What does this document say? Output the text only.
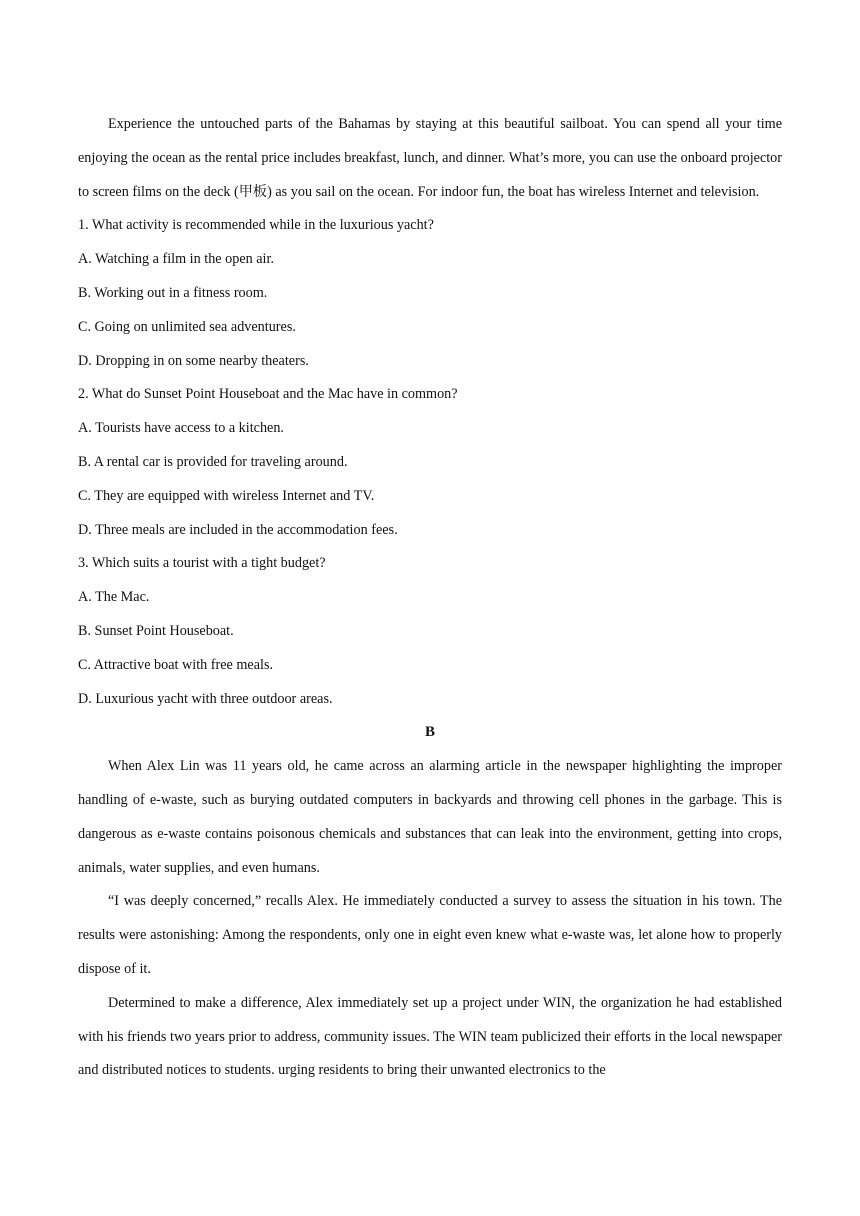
Experience the untouched parts of the Bahamas by staying at this beautiful sailboat. You can spend all your time enjoying the ocean as the rental price includes breakfast, lunch, and dinner. What’s more, you can use the onboard projector to screen films on the deck (甲板) as you sail on the ocean. For indoor fun, the boat has wireless Internet and television.

1. What activity is recommended while in the luxurious yacht?

A. Watching a film in the open air.

B. Working out in a fitness room.

C. Going on unlimited sea adventures.

D. Dropping in on some nearby theaters.

2. What do Sunset Point Houseboat and the Mac have in common?

A. Tourists have access to a kitchen.

B. A rental car is provided for traveling around.

C. They are equipped with wireless Internet and TV.

D. Three meals are included in the accommodation fees.

3. Which suits a tourist with a tight budget?

A. The Mac.

B. Sunset Point Houseboat.

C. Attractive boat with free meals.

D. Luxurious yacht with three outdoor areas.

B

When Alex Lin was 11 years old, he came across an alarming article in the newspaper highlighting the improper handling of e-waste, such as burying outdated computers in backyards and throwing cell phones in the garbage. This is dangerous as e-waste contains poisonous chemicals and substances that can leak into the environment, getting into crops, animals, water supplies, and even humans.

“I was deeply concerned,” recalls Alex. He immediately conducted a survey to assess the situation in his town. The results were astonishing: Among the respondents, only one in eight even knew what e-waste was, let alone how to properly dispose of it.

Determined to make a difference, Alex immediately set up a project under WIN, the organization he had established with his friends two years prior to address, community issues. The WIN team publicized their efforts in the local newspaper and distributed notices to students. urging residents to bring their unwanted electronics to the
